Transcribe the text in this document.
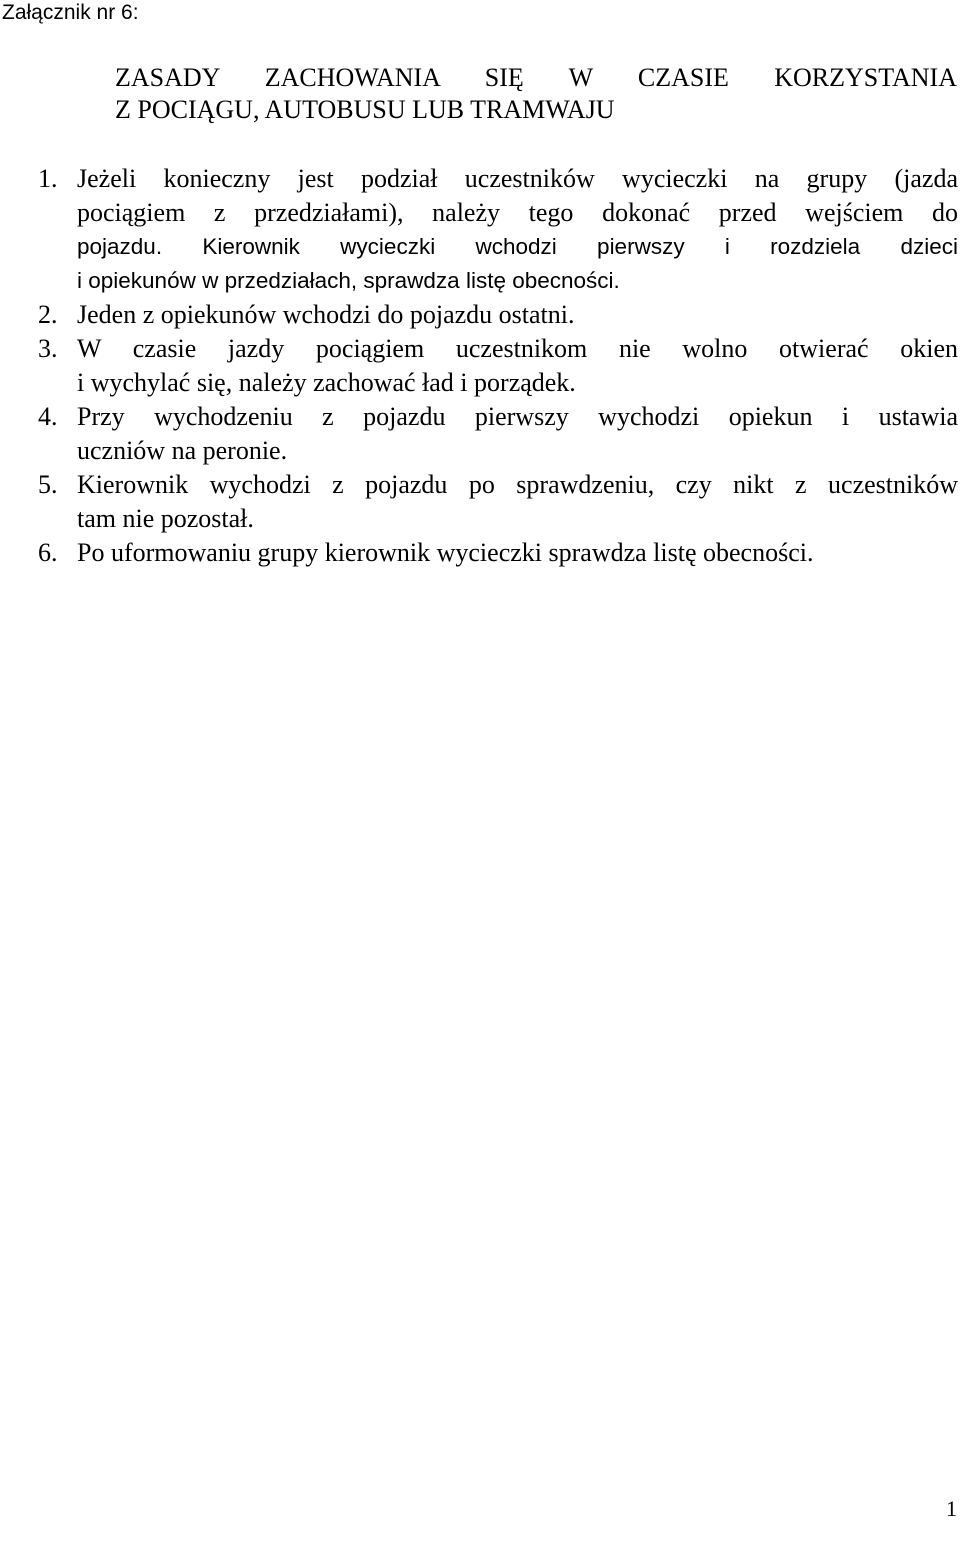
Załącznik nr 6:
ZASADY ZACHOWANIA SIĘ W CZASIE KORZYSTANIA
Z POCIĄGU, AUTOBUSU LUB TRAMWAJU
1. Jeżeli konieczny jest podział uczestników wycieczki na grupy (jazda
pociągiem z przedziałami), należy tego dokonać przed wejściem do
pojazdu. Kierownik wycieczki wchodzi pierwszy i rozdziela dzieci
i opiekunów w przedziałach, sprawdza listę obecności.
2. Jeden z opiekunów wchodzi do pojazdu ostatni.
3. W czasie jazdy pociągiem uczestnikom nie wolno otwierać okien
i wychylać się, należy zachować ład i porządek.
4. Przy wychodzeniu z pojazdu pierwszy wychodzi opiekun i ustawia
uczniów na peronie.
5. Kierownik wychodzi z pojazdu po sprawdzeniu, czy nikt z uczestników
tam nie pozostał.
6. Po uformowaniu grupy kierownik wycieczki sprawdza listę obecności.
1
